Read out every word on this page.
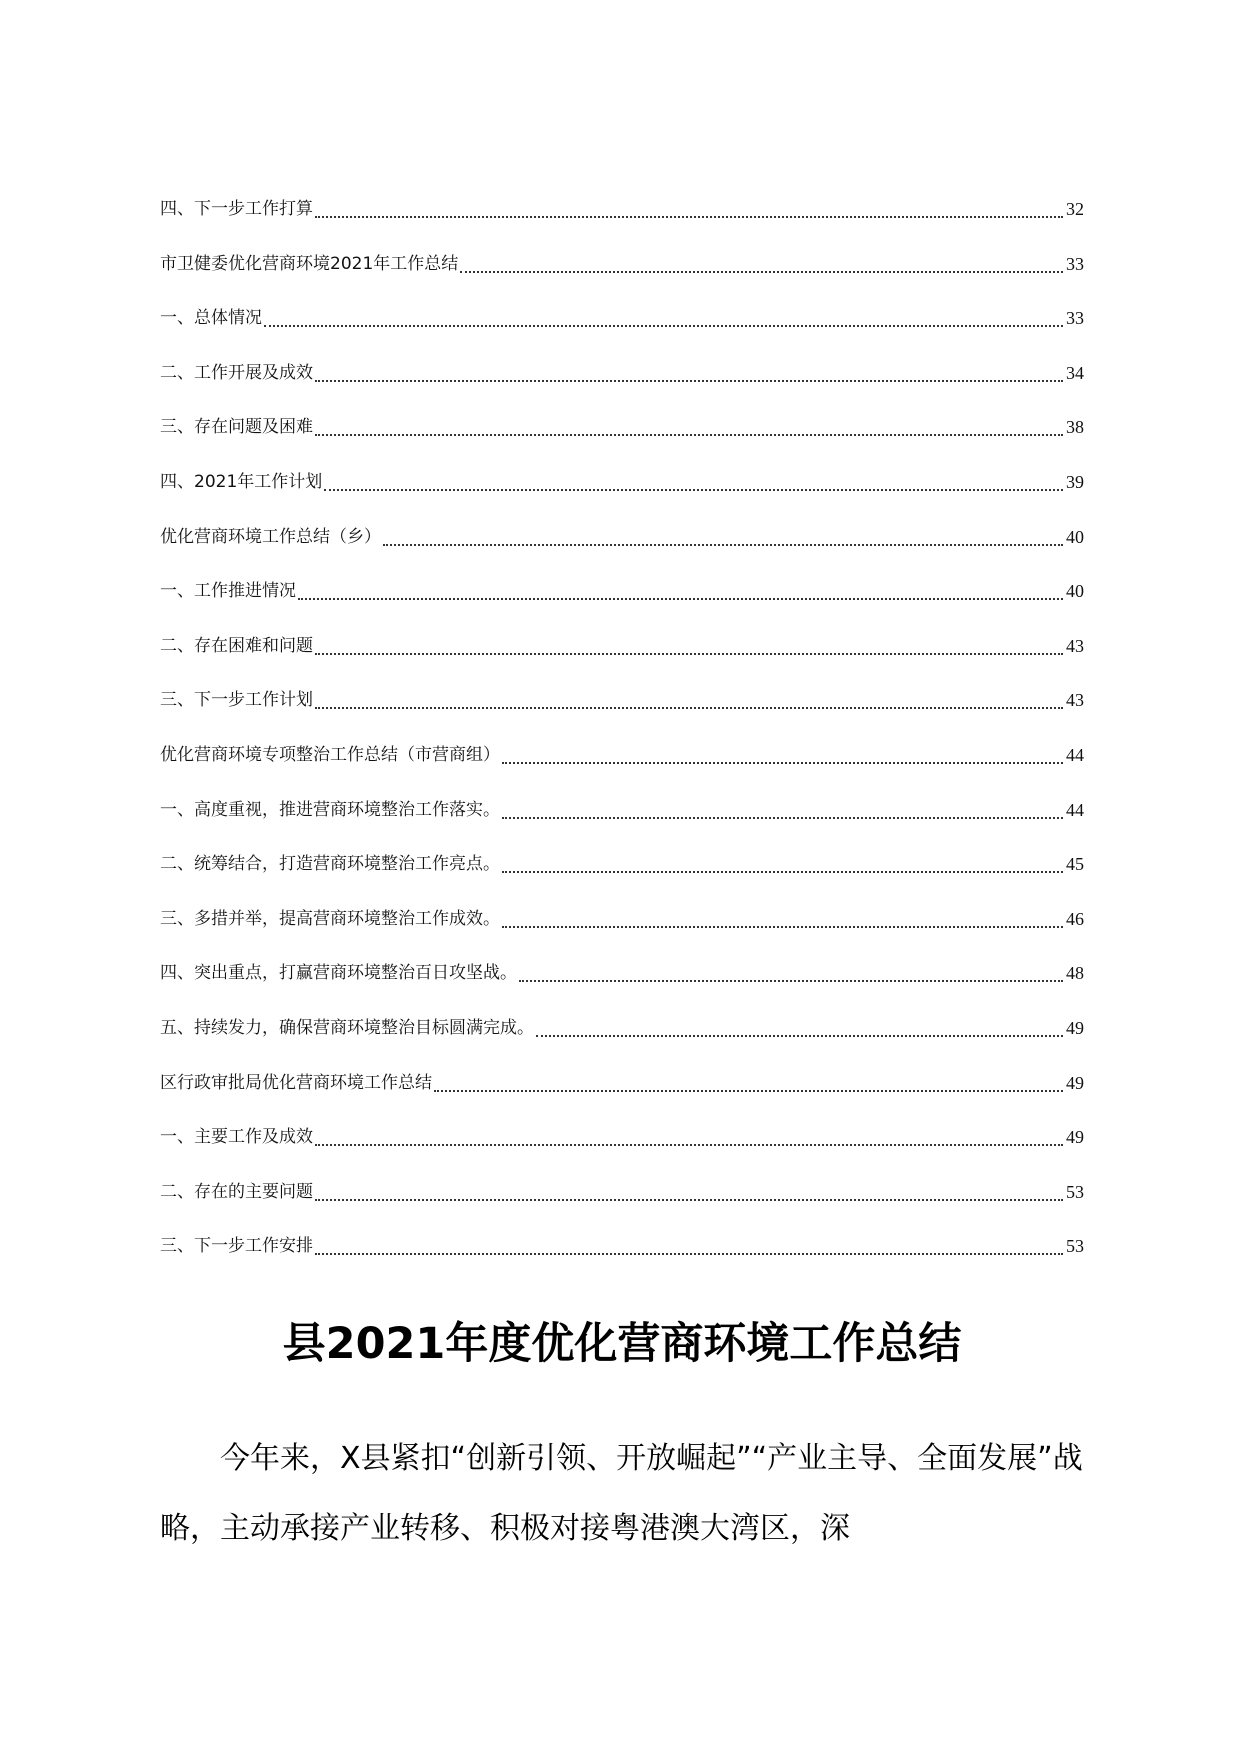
四、下一步工作打算	32
市卫健委优化营商环境2021年工作总结	33
一、总体情况	33
二、工作开展及成效	34
三、存在问题及困难	38
四、2021年工作计划	39
优化营商环境工作总结（乡）	40
一、工作推进情况	40
二、存在困难和问题	43
三、下一步工作计划	43
优化营商环境专项整治工作总结（市营商组）	44
一、高度重视，推进营商环境整治工作落实。	44
二、统筹结合，打造营商环境整治工作亮点。	45
三、多措并举，提高营商环境整治工作成效。	46
四、突出重点，打赢营商环境整治百日攻坚战。	48
五、持续发力，确保营商环境整治目标圆满完成。	49
区行政审批局优化营商环境工作总结	49
一、主要工作及成效	49
二、存在的主要问题	53
三、下一步工作安排	53
县2021年度优化营商环境工作总结

今年来，X县紧扣“创新引领、开放崛起”“产业主导、全面发展”战略，主动承接产业转移、积极对接粤港澳大湾区，深
